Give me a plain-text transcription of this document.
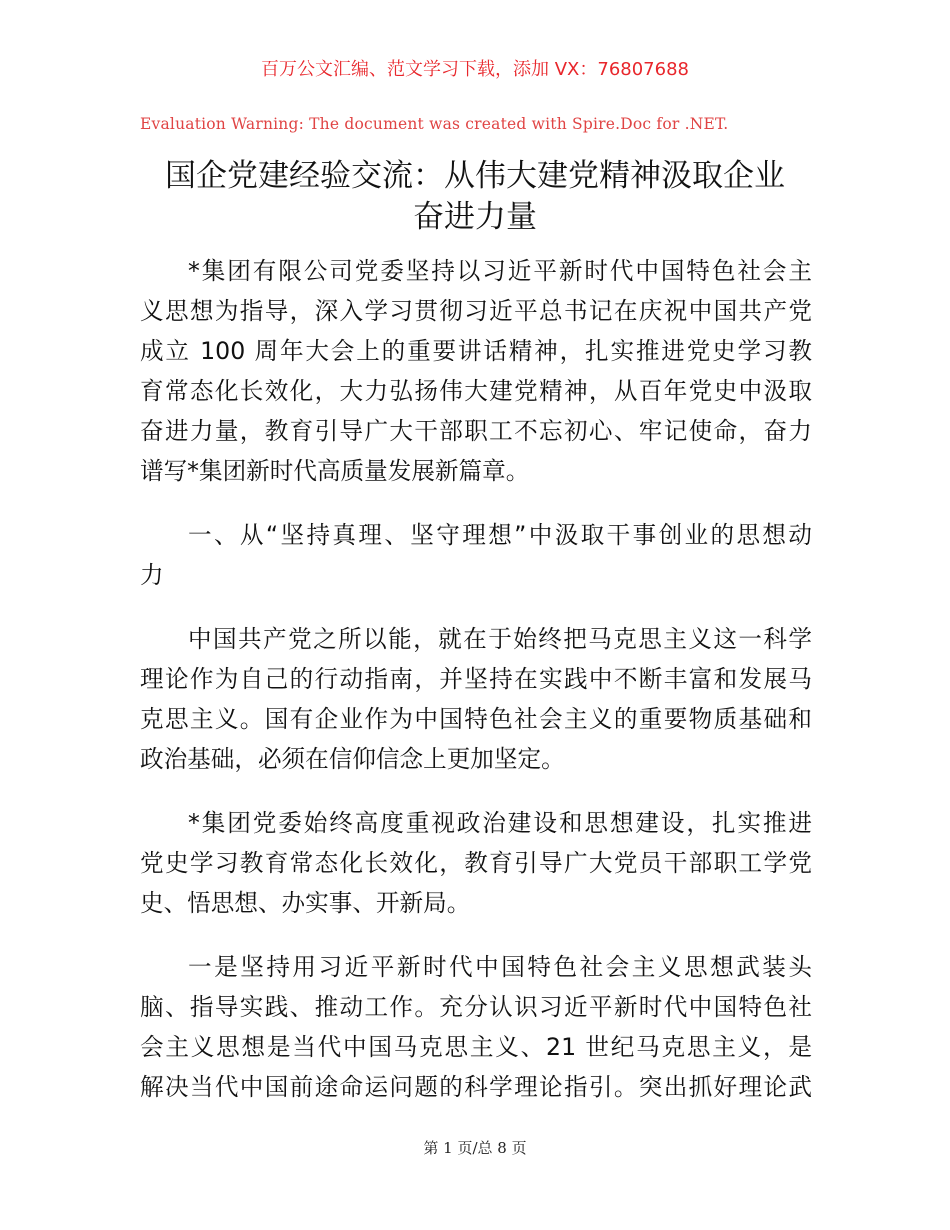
百万公文汇编、范文学习下载，添加 VX：76807688
Evaluation Warning: The document was created with Spire.Doc for .NET.
国企党建经验交流：从伟大建党精神汲取企业
奋进力量
*集团有限公司党委坚持以习近平新时代中国特色社会主
义思想为指导，深入学习贯彻习近平总书记在庆祝中国共产党
成立 100 周年大会上的重要讲话精神，扎实推进党史学习教
育常态化长效化，大力弘扬伟大建党精神，从百年党史中汲取
奋进力量，教育引导广大干部职工不忘初心、牢记使命，奋力
谱写*集团新时代高质量发展新篇章。
一、从“坚持真理、坚守理想”中汲取干事创业的思想动
力
中国共产党之所以能，就在于始终把马克思主义这一科学
理论作为自己的行动指南，并坚持在实践中不断丰富和发展马
克思主义。国有企业作为中国特色社会主义的重要物质基础和
政治基础，必须在信仰信念上更加坚定。
*集团党委始终高度重视政治建设和思想建设，扎实推进
党史学习教育常态化长效化，教育引导广大党员干部职工学党
史、悟思想、办实事、开新局。
一是坚持用习近平新时代中国特色社会主义思想武装头
脑、指导实践、推动工作。充分认识习近平新时代中国特色社
会主义思想是当代中国马克思主义、21 世纪马克思主义，是
解决当代中国前途命运问题的科学理论指引。突出抓好理论武
第 1 页/总 8 页
